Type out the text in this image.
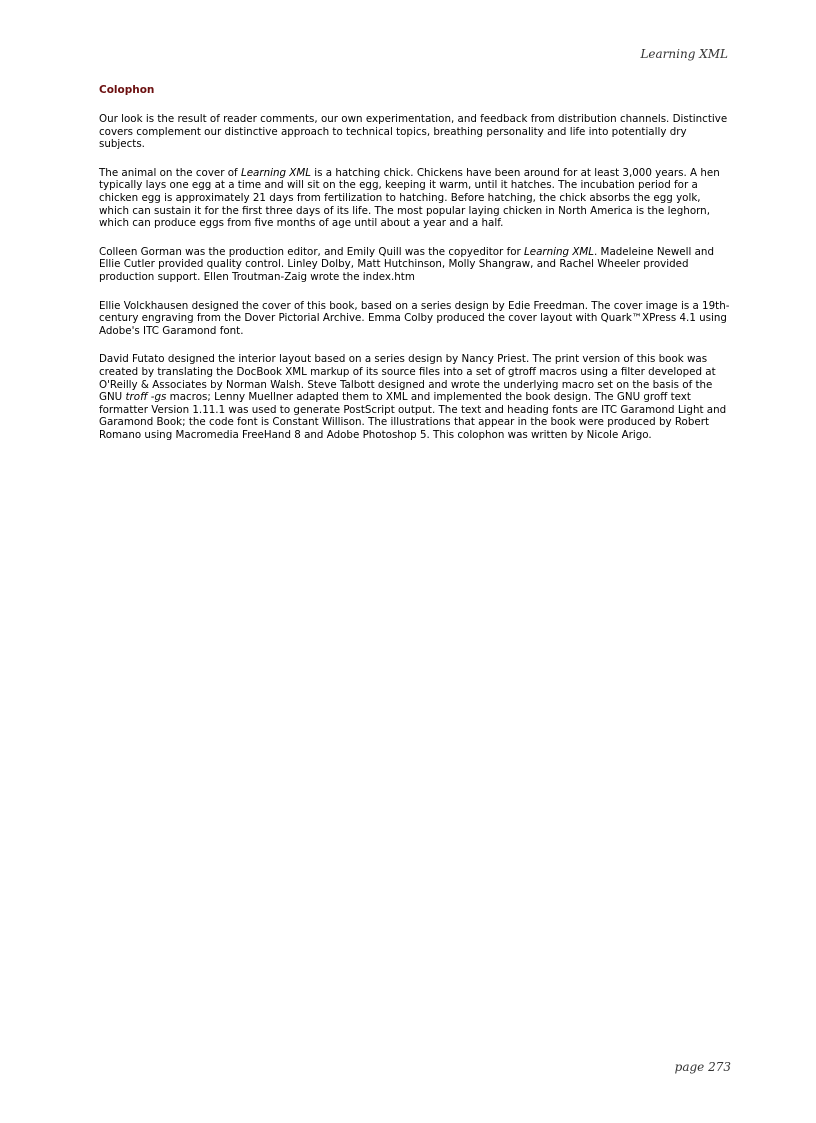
Learning XML
Colophon

Our look is the result of reader comments, our own experimentation, and feedback from distribution channels. Distinctive covers complement our distinctive approach to technical topics, breathing personality and life into potentially dry subjects.

The animal on the cover of Learning XML is a hatching chick. Chickens have been around for at least 3,000 years. A hen typically lays one egg at a time and will sit on the egg, keeping it warm, until it hatches. The incubation period for a chicken egg is approximately 21 days from fertilization to hatching. Before hatching, the chick absorbs the egg yolk, which can sustain it for the first three days of its life. The most popular laying chicken in North America is the leghorn, which can produce eggs from five months of age until about a year and a half.

Colleen Gorman was the production editor, and Emily Quill was the copyeditor for Learning XML. Madeleine Newell and Ellie Cutler provided quality control. Linley Dolby, Matt Hutchinson, Molly Shangraw, and Rachel Wheeler provided production support. Ellen Troutman-Zaig wrote the index.htm

Ellie Volckhausen designed the cover of this book, based on a series design by Edie Freedman. The cover image is a 19th-century engraving from the Dover Pictorial Archive. Emma Colby produced the cover layout with Quark™XPress 4.1 using Adobe's ITC Garamond font.

David Futato designed the interior layout based on a series design by Nancy Priest. The print version of this book was created by translating the DocBook XML markup of its source files into a set of gtroff macros using a filter developed at O'Reilly & Associates by Norman Walsh. Steve Talbott designed and wrote the underlying macro set on the basis of the GNU troff -gs macros; Lenny Muellner adapted them to XML and implemented the book design. The GNU groff text formatter Version 1.11.1 was used to generate PostScript output. The text and heading fonts are ITC Garamond Light and Garamond Book; the code font is Constant Willison. The illustrations that appear in the book were produced by Robert Romano using Macromedia FreeHand 8 and Adobe Photoshop 5. This colophon was written by Nicole Arigo.

page 273
